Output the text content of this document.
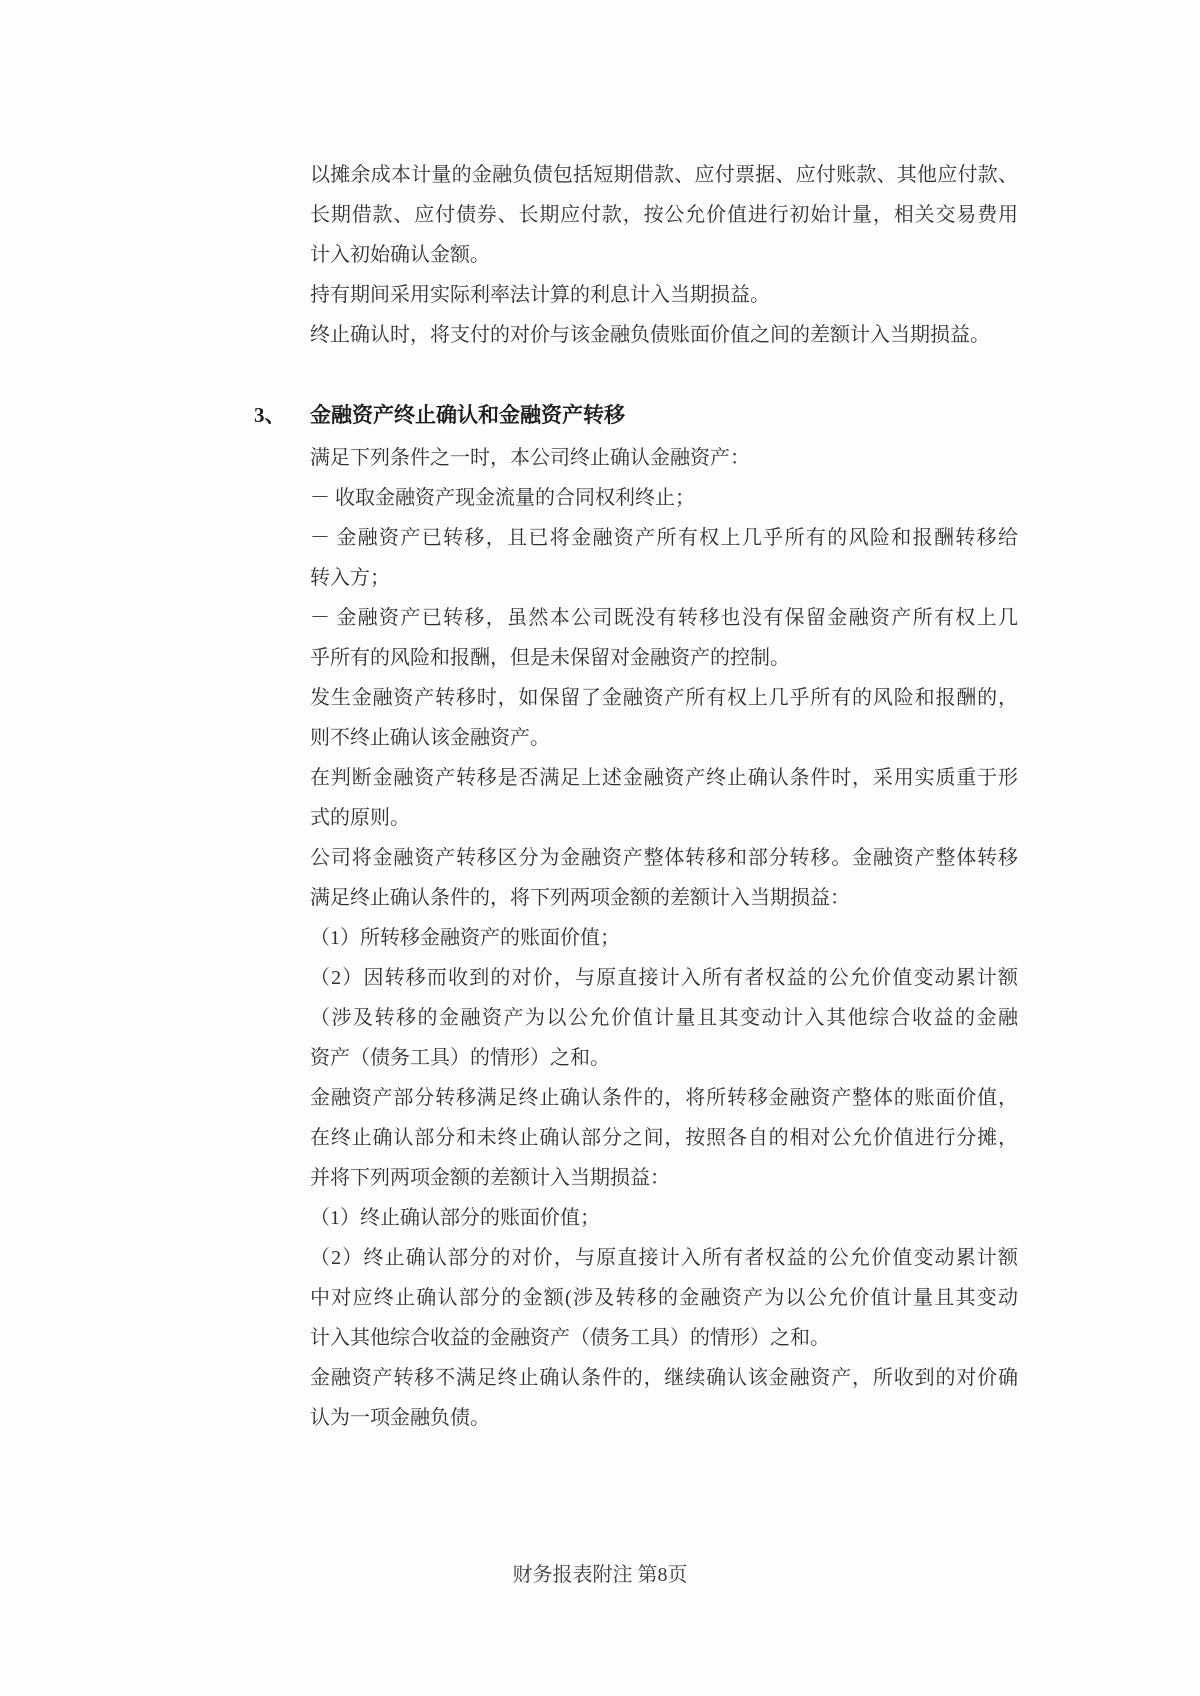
以摊余成本计量的金融负债包括短期借款、应付票据、应付账款、其他应付款、
长期借款、应付债券、长期应付款，按公允价值进行初始计量，相关交易费用
计入初始确认金额。
持有期间采用实际利率法计算的利息计入当期损益。
终止确认时，将支付的对价与该金融负债账面价值之间的差额计入当期损益。
3、	金融资产终止确认和金融资产转移
满足下列条件之一时，本公司终止确认金融资产：
－ 收取金融资产现金流量的合同权利终止；
－ 金融资产已转移，且已将金融资产所有权上几乎所有的风险和报酬转移给
转入方；
－ 金融资产已转移，虽然本公司既没有转移也没有保留金融资产所有权上几
乎所有的风险和报酬，但是未保留对金融资产的控制。
发生金融资产转移时，如保留了金融资产所有权上几乎所有的风险和报酬的，
则不终止确认该金融资产。
在判断金融资产转移是否满足上述金融资产终止确认条件时，采用实质重于形
式的原则。
公司将金融资产转移区分为金融资产整体转移和部分转移。金融资产整体转移
满足终止确认条件的，将下列两项金额的差额计入当期损益：
（1）所转移金融资产的账面价值；
（2）因转移而收到的对价，与原直接计入所有者权益的公允价值变动累计额
（涉及转移的金融资产为以公允价值计量且其变动计入其他综合收益的金融
资产（债务工具）的情形）之和。
金融资产部分转移满足终止确认条件的，将所转移金融资产整体的账面价值，
在终止确认部分和未终止确认部分之间，按照各自的相对公允价值进行分摊，
并将下列两项金额的差额计入当期损益：
（1）终止确认部分的账面价值；
（2）终止确认部分的对价，与原直接计入所有者权益的公允价值变动累计额
中对应终止确认部分的金额(涉及转移的金融资产为以公允价值计量且其变动
计入其他综合收益的金融资产（债务工具）的情形）之和。
金融资产转移不满足终止确认条件的，继续确认该金融资产，所收到的对价确
认为一项金融负债。
财务报表附注 第8页
